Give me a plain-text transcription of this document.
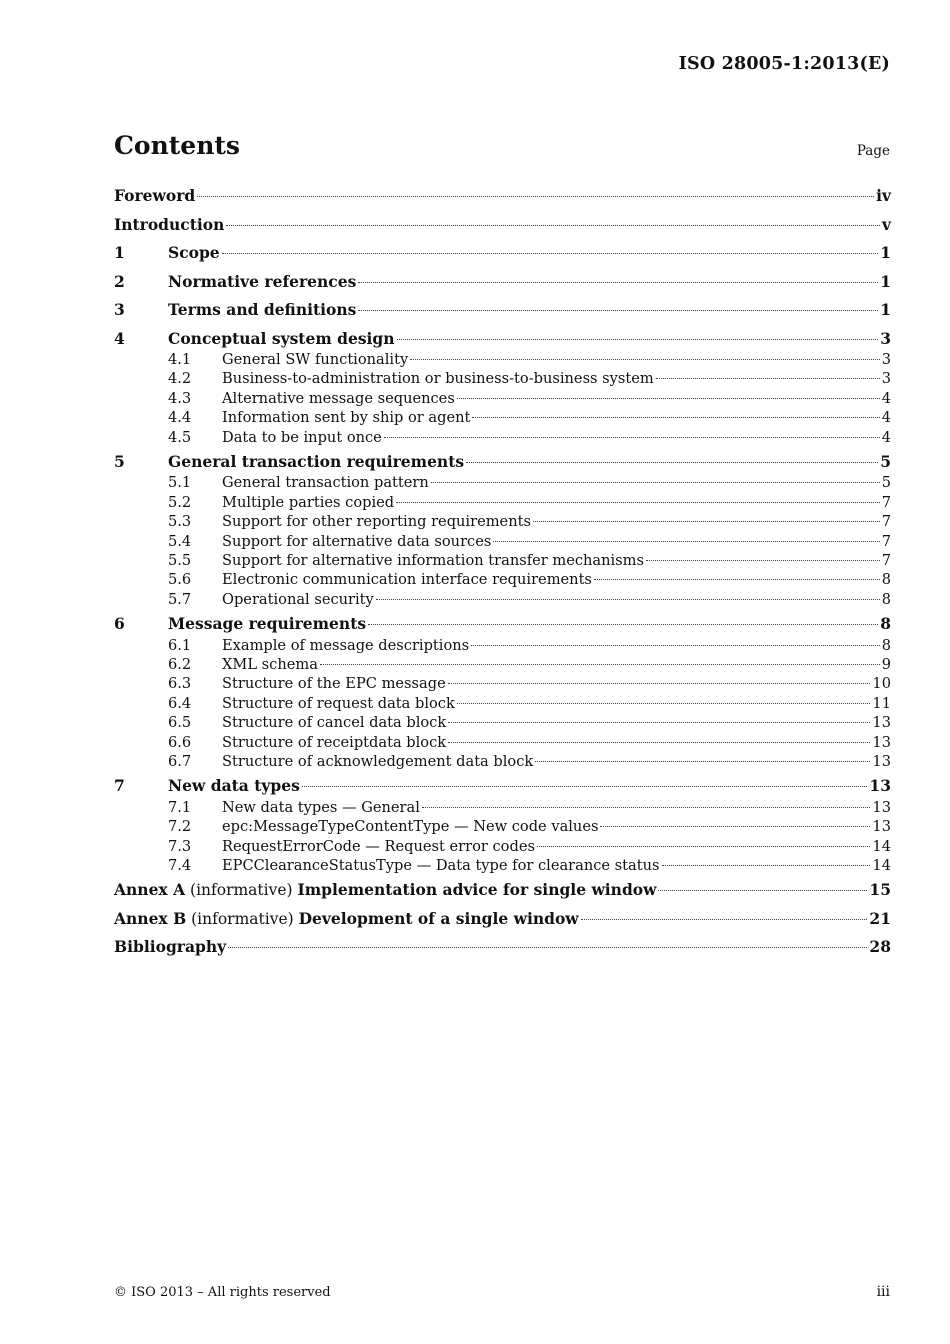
ISO 28005-1:2013(E)
Contents	Page
Foreword	iv
Introduction	v
1	Scope	1
2	Normative references	1
3	Terms and definitions	1
4	Conceptual system design	3
4.1	General SW functionality	3
4.2	Business-to-administration or business-to-business system	3
4.3	Alternative message sequences	4
4.4	Information sent by ship or agent	4
4.5	Data to be input once	4
5	General transaction requirements	5
5.1	General transaction pattern	5
5.2	Multiple parties copied	7
5.3	Support for other reporting requirements	7
5.4	Support for alternative data sources	7
5.5	Support for alternative information transfer mechanisms	7
5.6	Electronic communication interface requirements	8
5.7	Operational security	8
6	Message requirements	8
6.1	Example of message descriptions	8
6.2	XML schema	9
6.3	Structure of the EPC message	10
6.4	Structure of request data block	11
6.5	Structure of cancel data block	13
6.6	Structure of receiptdata block	13
6.7	Structure of acknowledgement data block	13
7	New data types	13
7.1	New data types — General	13
7.2	epc:MessageTypeContentType — New code values	13
7.3	RequestErrorCode — Request error codes	14
7.4	EPCClearanceStatusType — Data type for clearance status	14
Annex A (informative) Implementation advice for single window	15
Annex B (informative) Development of a single window	21
Bibliography	28
© ISO 2013 – All rights reserved	iii
